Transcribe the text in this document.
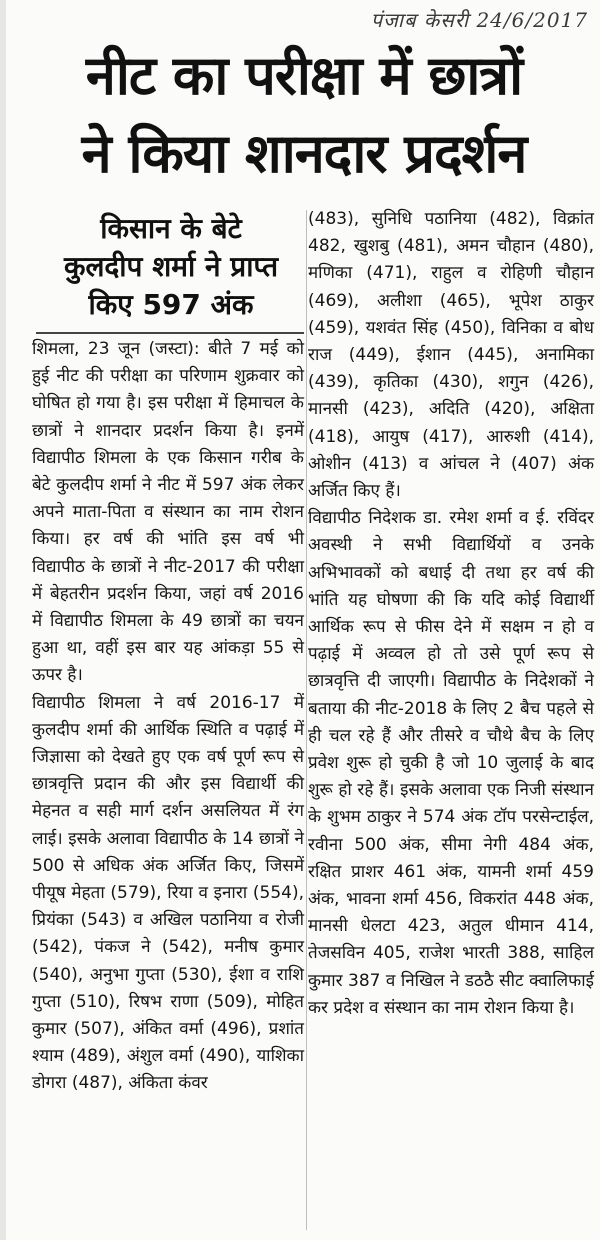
पंजाब केसरी 24/6/2017
नीट का परीक्षा में छात्रों
ने किया शानदार प्रदर्शन
किसान के बेटे
कुलदीप शर्मा ने प्राप्त
किए 597 अंक

शिमला, 23 जून (जस्टा): बीते 7 मई को हुई नीट की परीक्षा का परिणाम शुक्रवार को घोषित हो गया है। इस परीक्षा में हिमाचल के छात्रों ने शानदार प्रदर्शन किया है। इनमें विद्यापीठ शिमला के एक किसान गरीब के बेटे कुलदीप शर्मा ने नीट में 597 अंक लेकर अपने माता-पिता व संस्थान का नाम रोशन किया। हर वर्ष की भांति इस वर्ष भी विद्यापीठ के छात्रों ने नीट-2017 की परीक्षा में बेहतरीन प्रदर्शन किया, जहां वर्ष 2016 में विद्यापीठ शिमला के 49 छात्रों का चयन हुआ था, वहीं इस बार यह आंकड़ा 55 से ऊपर है।

विद्यापीठ शिमला ने वर्ष 2016-17 में कुलदीप शर्मा की आर्थिक स्थिति व पढ़ाई में जिज्ञासा को देखते हुए एक वर्ष पूर्ण रूप से छात्रवृत्ति प्रदान की और इस विद्यार्थी की मेहनत व सही मार्ग दर्शन असलियत में रंग लाई। इसके अलावा विद्यापीठ के 14 छात्रों ने 500 से अधिक अंक अर्जित किए, जिसमें पीयूष मेहता (579), रिया व इनारा (554), प्रियंका (543) व अखिल पठानिया व रोजी (542), पंकज ने (542), मनीष कुमार (540), अनुभा गुप्ता (530), ईशा व राशि गुप्ता (510), रिषभ राणा (509), मोहित कुमार (507), अंकित वर्मा (496), प्रशांत श्याम (489), अंशुल वर्मा (490), याशिका डोगरा (487), अंकिता कंवर

(483), सुनिधि पठानिया (482), विक्रांत 482, खुशबु (481), अमन चौहान (480), मणिका (471), राहुल व रोहिणी चौहान (469), अलीशा (465), भूपेश ठाकुर (459), यशवंत सिंह (450), विनिका व बोध राज (449), ईशान (445), अनामिका (439), कृतिका (430), शगुन (426), मानसी (423), अदिति (420), अक्षिता (418), आयुष (417), आरुशी (414), ओशीन (413) व आंचल ने (407) अंक अर्जित किए हैं।

विद्यापीठ निदेशक डा. रमेश शर्मा व ई. रविंदर अवस्थी ने सभी विद्यार्थियों व उनके अभिभावकों को बधाई दी तथा हर वर्ष की भांति यह घोषणा की कि यदि कोई विद्यार्थी आर्थिक रूप से फीस देने में सक्षम न हो व पढ़ाई में अव्वल हो तो उसे पूर्ण रूप से छात्रवृत्ति दी जाएगी। विद्यापीठ के निदेशकों ने बताया की नीट-2018 के लिए 2 बैच पहले से ही चल रहे हैं और तीसरे व चौथे बैच के लिए प्रवेश शुरू हो चुकी है जो 10 जुलाई के बाद शुरू हो रहे हैं। इसके अलावा एक निजी संस्थान के शुभम ठाकुर ने 574 अंक टॉप परसेन्टाईल, रवीना 500 अंक, सीमा नेगी 484 अंक, रक्षित प्राशर 461 अंक, यामनी शर्मा 459 अंक, भावना शर्मा 456, विकरांत 448 अंक, मानसी धेलटा 423, अतुल धीमान 414, तेजसविन 405, राजेश भारती 388, साहिल कुमार 387 व निखिल ने डठठै सीट क्वालिफाई कर प्रदेश व संस्थान का नाम रोशन किया है।
